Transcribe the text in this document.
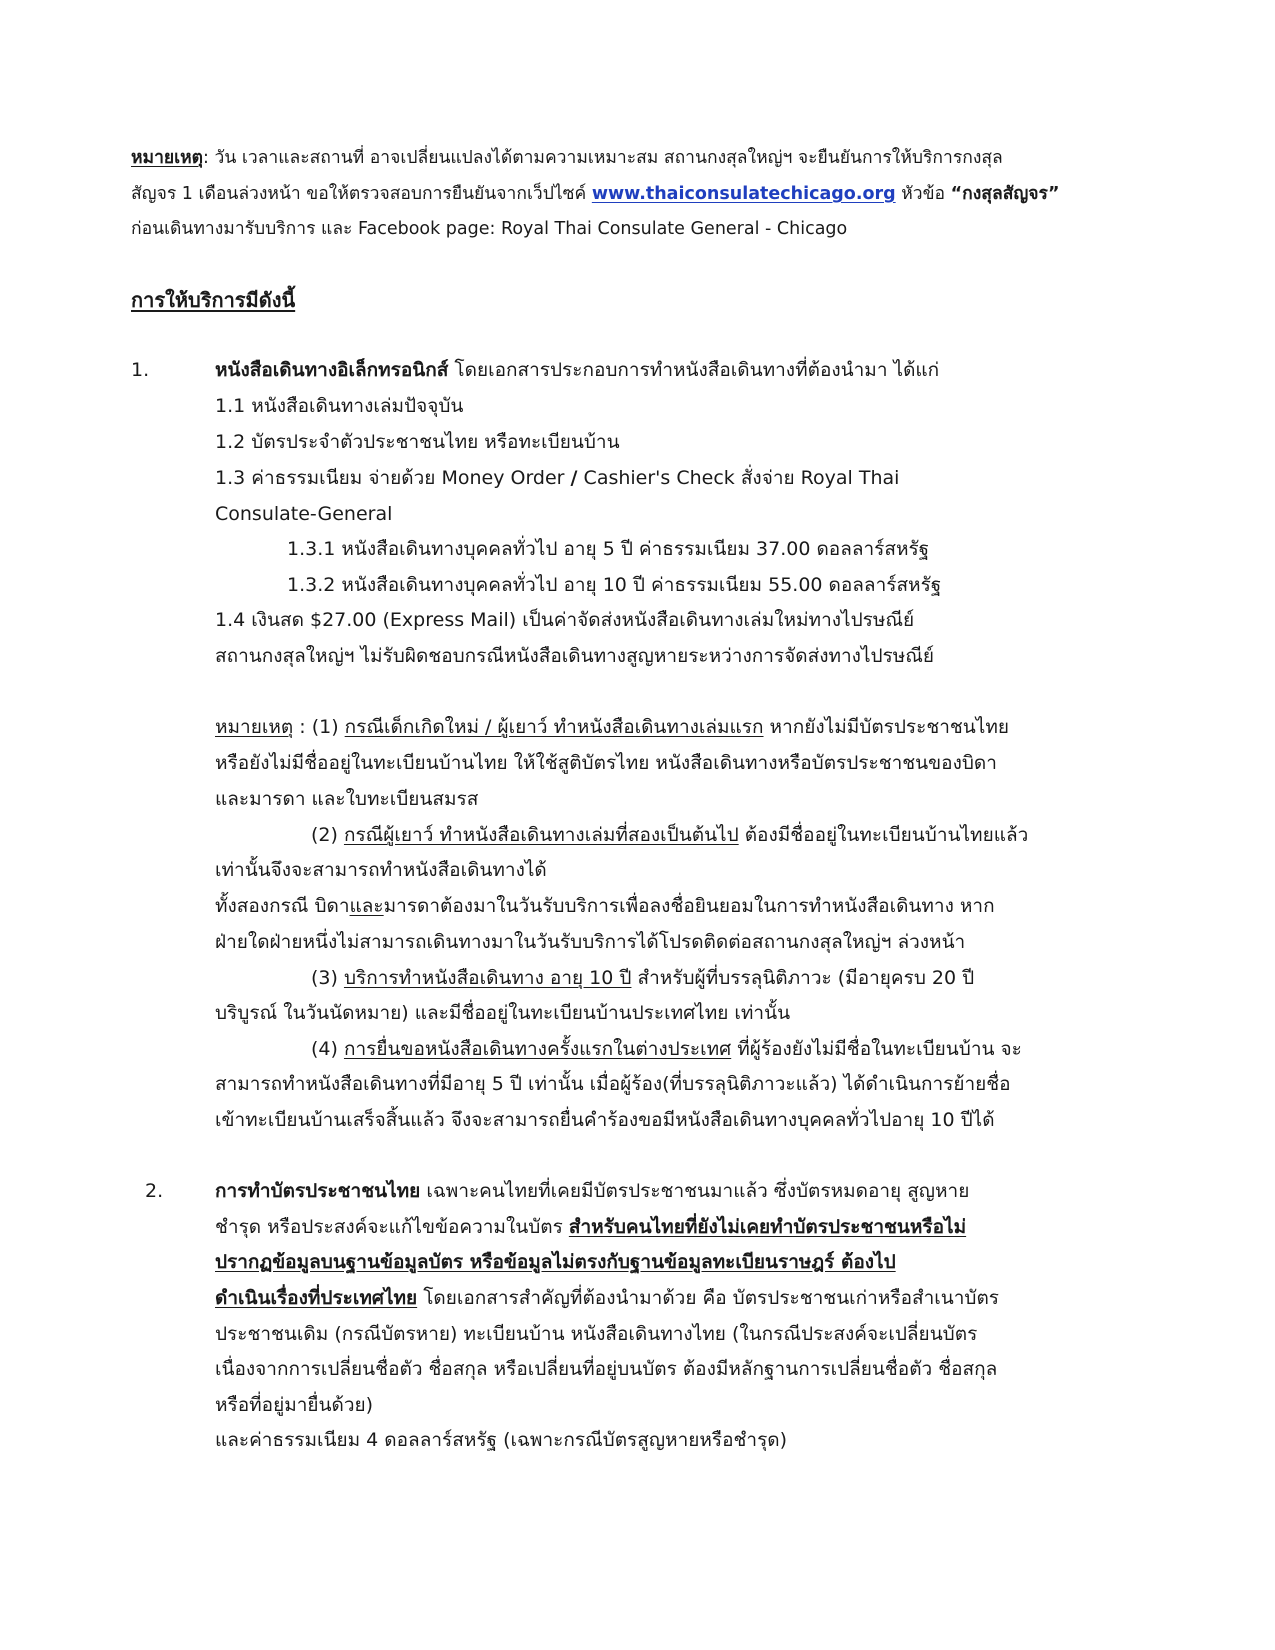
หมายเหตุ: วัน เวลาและสถานที่ อาจเปลี่ยนแปลงได้ตามความเหมาะสม สถานกงสุลใหญ่ฯ จะยืนยันการให้บริการกงสุล
สัญจร 1 เดือนล่วงหน้า ขอให้ตรวจสอบการยืนยันจากเว็ปไซค์ www.thaiconsulatechicago.org หัวข้อ “กงสุลสัญจร”
ก่อนเดินทางมารับบริการ และ Facebook page: Royal Thai Consulate General - Chicago
การให้บริการมีดังนี้
1.	หนังสือเดินทางอิเล็กทรอนิกส์ โดยเอกสารประกอบการทำหนังสือเดินทางที่ต้องนำมา ได้แก่
1.1 หนังสือเดินทางเล่มปัจจุบัน
1.2 บัตรประจำตัวประชาชนไทย หรือทะเบียนบ้าน
1.3 ค่าธรรมเนียม จ่ายด้วย Money Order / Cashier's Check สั่งจ่าย Royal Thai
Consulate-General
1.3.1 หนังสือเดินทางบุคคลทั่วไป อายุ 5 ปี ค่าธรรมเนียม 37.00 ดอลลาร์สหรัฐ
1.3.2 หนังสือเดินทางบุคคลทั่วไป อายุ 10 ปี ค่าธรรมเนียม 55.00 ดอลลาร์สหรัฐ
1.4 เงินสด $27.00 (Express Mail) เป็นค่าจัดส่งหนังสือเดินทางเล่มใหม่ทางไปรษณีย์
สถานกงสุลใหญ่ฯ ไม่รับผิดชอบกรณีหนังสือเดินทางสูญหายระหว่างการจัดส่งทางไปรษณีย์
หมายเหตุ : (1) กรณีเด็กเกิดใหม่ / ผู้เยาว์ ทำหนังสือเดินทางเล่มแรก หากยังไม่มีบัตรประชาชนไทย
หรือยังไม่มีชื่ออยู่ในทะเบียนบ้านไทย ให้ใช้สูติบัตรไทย หนังสือเดินทางหรือบัตรประชาชนของบิดา
และมารดา และใบทะเบียนสมรส
(2) กรณีผู้เยาว์ ทำหนังสือเดินทางเล่มที่สองเป็นต้นไป ต้องมีชื่ออยู่ในทะเบียนบ้านไทยแล้ว
เท่านั้นจึงจะสามารถทำหนังสือเดินทางได้
ทั้งสองกรณี บิดาและมารดาต้องมาในวันรับบริการเพื่อลงชื่อยินยอมในการทำหนังสือเดินทาง หาก
ฝ่ายใดฝ่ายหนึ่งไม่สามารถเดินทางมาในวันรับบริการได้โปรดติดต่อสถานกงสุลใหญ่ฯ ล่วงหน้า
(3) บริการทำหนังสือเดินทาง อายุ 10 ปี สำหรับผู้ที่บรรลุนิติภาวะ (มีอายุครบ 20 ปี
บริบูรณ์ ในวันนัดหมาย) และมีชื่ออยู่ในทะเบียนบ้านประเทศไทย เท่านั้น
(4) การยื่นขอหนังสือเดินทางครั้งแรกในต่างประเทศ ที่ผู้ร้องยังไม่มีชื่อในทะเบียนบ้าน จะ
สามารถทำหนังสือเดินทางที่มีอายุ 5 ปี เท่านั้น เมื่อผู้ร้อง(ที่บรรลุนิติภาวะแล้ว) ได้ดำเนินการย้ายชื่อ
เข้าทะเบียนบ้านเสร็จสิ้นแล้ว จึงจะสามารถยื่นคำร้องขอมีหนังสือเดินทางบุคคลทั่วไปอายุ 10 ปีได้
2.	การทำบัตรประชาชนไทย เฉพาะคนไทยที่เคยมีบัตรประชาชนมาแล้ว ซึ่งบัตรหมดอายุ สูญหาย
ชำรุด หรือประสงค์จะแก้ไขข้อความในบัตร สำหรับคนไทยที่ยังไม่เคยทำบัตรประชาชนหรือไม่
ปรากฏข้อมูลบนฐานข้อมูลบัตร หรือข้อมูลไม่ตรงกับฐานข้อมูลทะเบียนราษฎร์ ต้องไป
ดำเนินเรื่องที่ประเทศไทย โดยเอกสารสำคัญที่ต้องนำมาด้วย คือ บัตรประชาชนเก่าหรือสำเนาบัตร
ประชาชนเดิม (กรณีบัตรหาย) ทะเบียนบ้าน หนังสือเดินทางไทย (ในกรณีประสงค์จะเปลี่ยนบัตร
เนื่องจากการเปลี่ยนชื่อตัว ชื่อสกุล หรือเปลี่ยนที่อยู่บนบัตร ต้องมีหลักฐานการเปลี่ยนชื่อตัว ชื่อสกุล
หรือที่อยู่มายื่นด้วย)
และค่าธรรมเนียม 4 ดอลลาร์สหรัฐ (เฉพาะกรณีบัตรสูญหายหรือชำรุด)
